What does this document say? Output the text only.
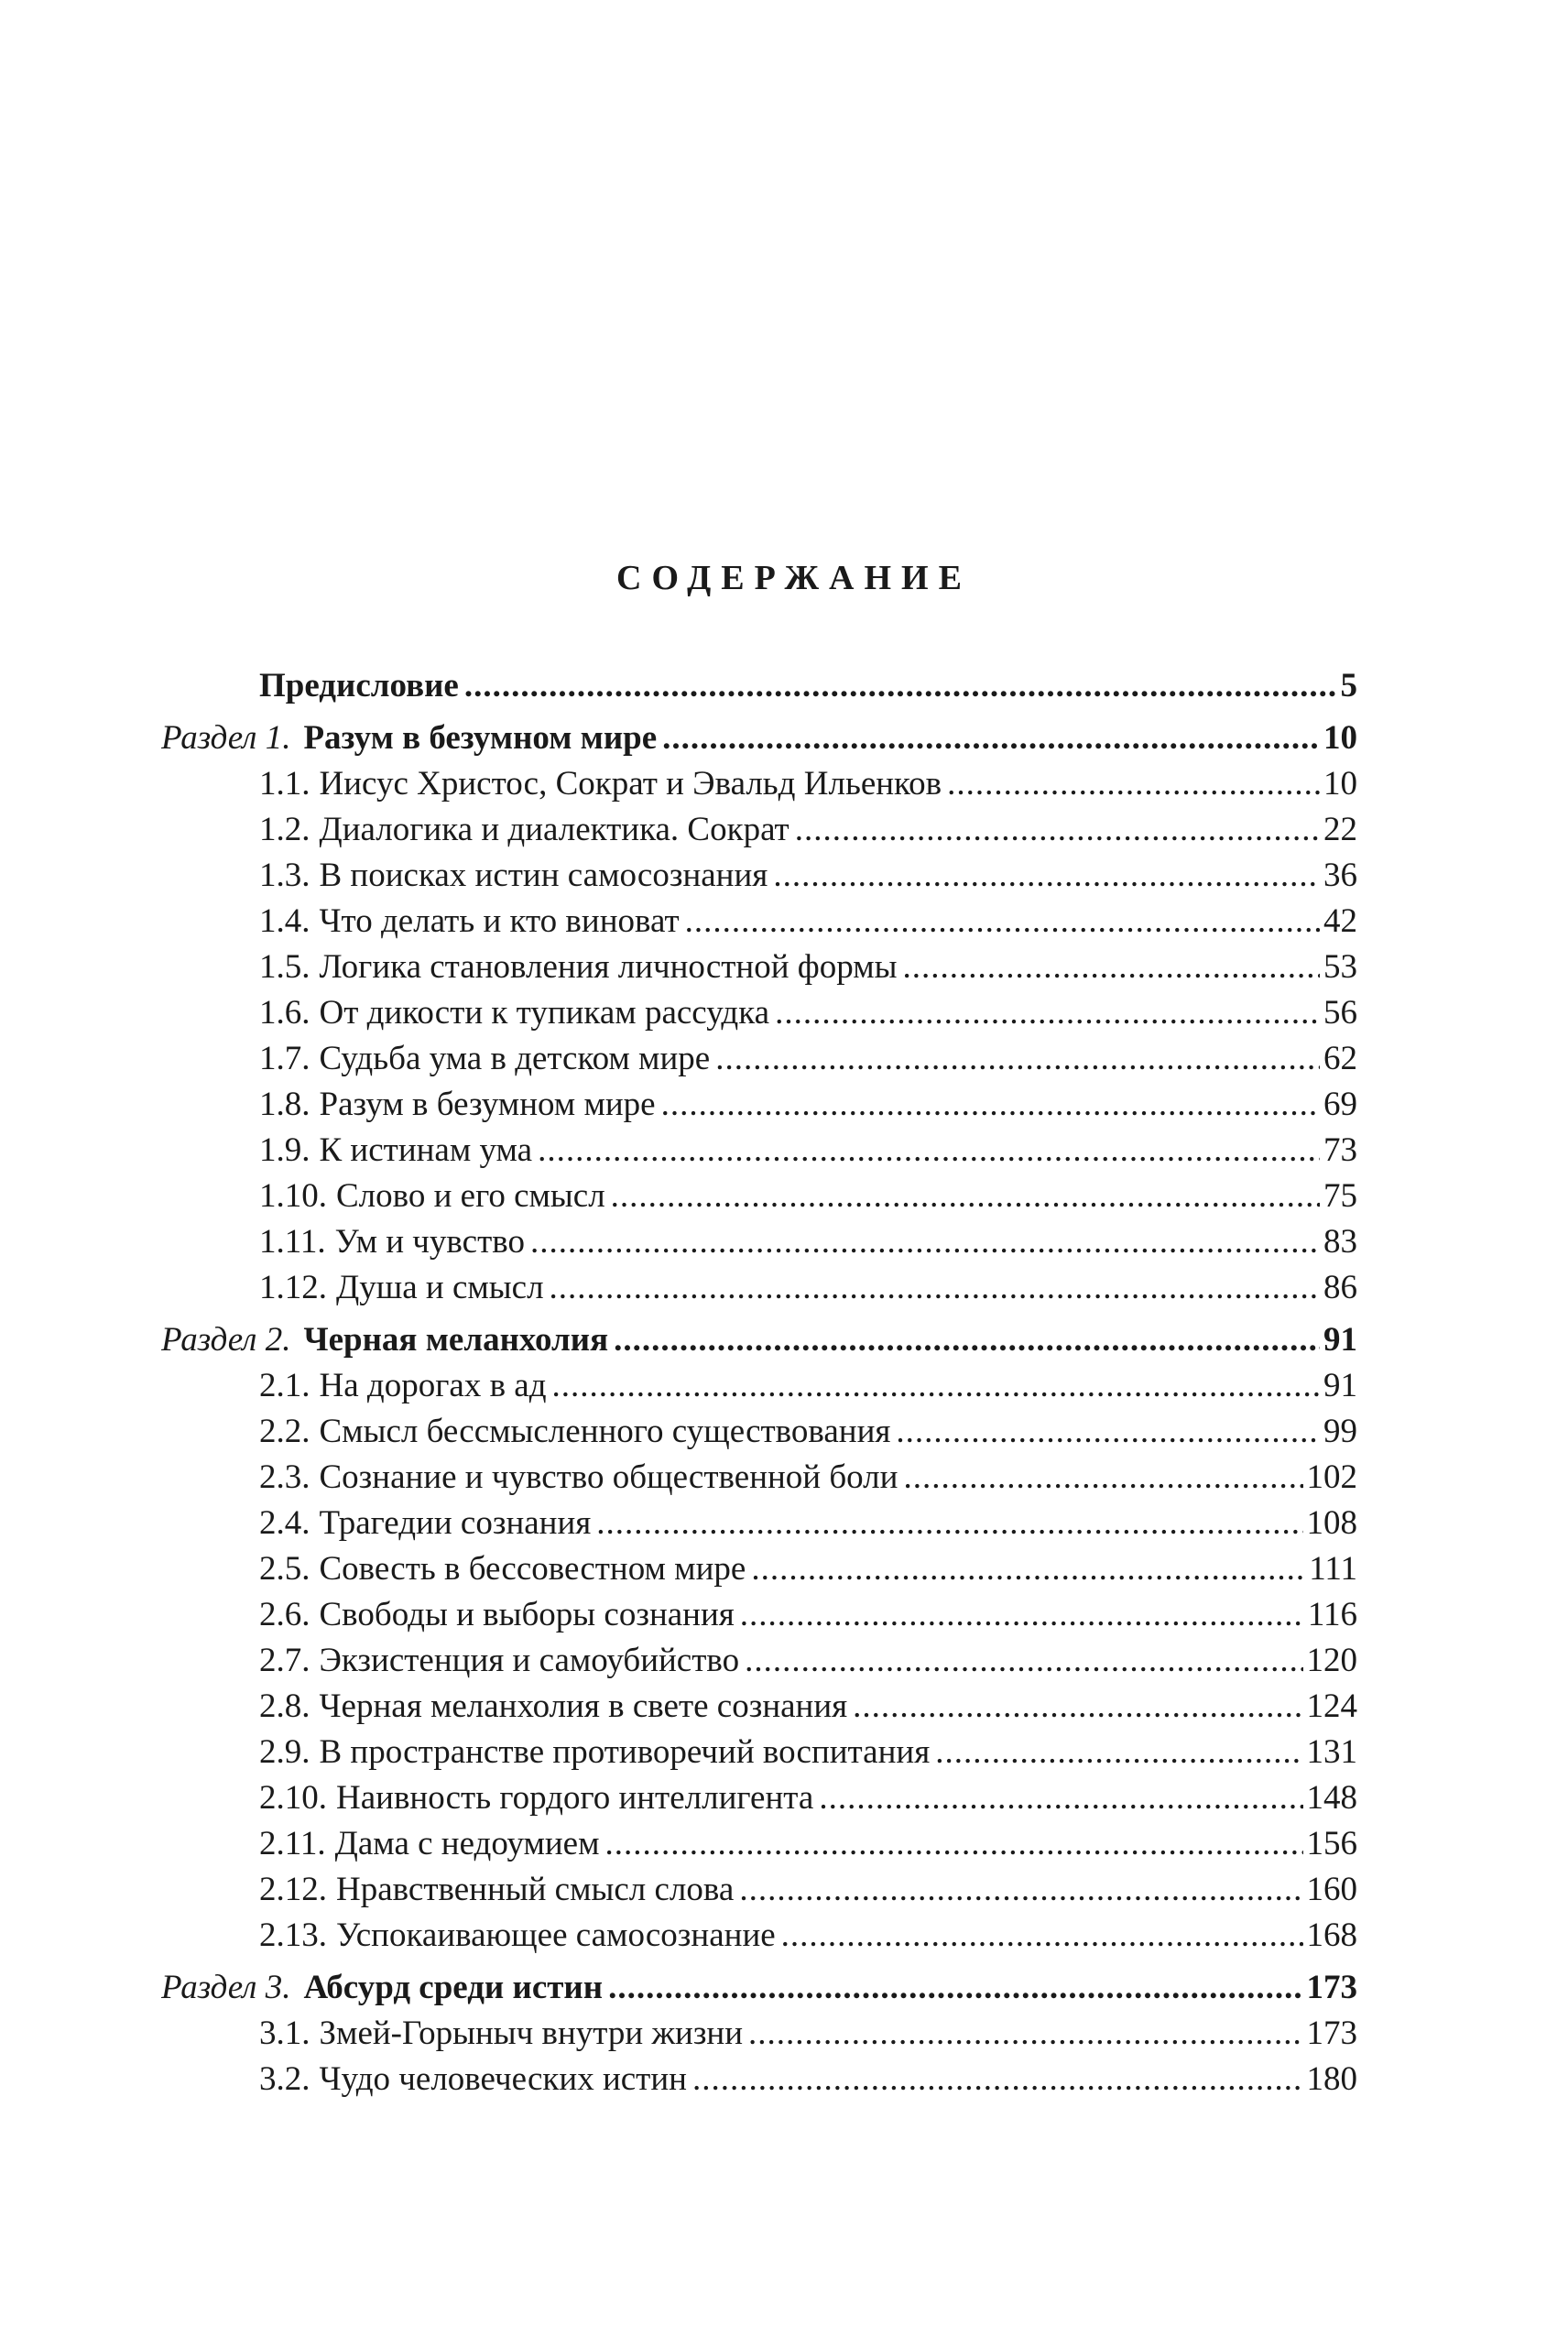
СОДЕРЖАНИЕ
Предисловие .....	5
Раздел 1. Разум в безумном мире .....	10
1.1. Иисус Христос, Сократ и Эвальд Ильенков .....	10
1.2. Диалогика и диалектика. Сократ .....	22
1.3. В поисках истин самосознания .....	36
1.4. Что делать и кто виноват .....	42
1.5. Логика становления личностной формы .....	53
1.6. От дикости к тупикам рассудка .....	56
1.7. Судьба ума в детском мире .....	62
1.8. Разум в безумном мире .....	69
1.9. К истинам ума .....	73
1.10. Слово и его смысл .....	75
1.11. Ум и чувство .....	83
1.12. Душа и смысл .....	86
Раздел 2. Черная меланхолия .....	91
2.1. На дорогах в ад .....	91
2.2. Смысл бессмысленного существования .....	99
2.3. Сознание и чувство общественной боли .....	102
2.4. Трагедии сознания .....	108
2.5. Совесть в бессовестном мире .....	111
2.6. Свободы и выборы сознания .....	116
2.7. Экзистенция и самоубийство .....	120
2.8. Черная меланхолия в свете сознания .....	124
2.9. В пространстве противоречий воспитания .....	131
2.10. Наивность гордого интеллигента .....	148
2.11. Дама с недоумием .....	156
2.12. Нравственный смысл слова .....	160
2.13. Успокаивающее самосознание .....	168
Раздел 3. Абсурд среди истин .....	173
3.1. Змей-Горыныч внутри жизни .....	173
3.2. Чудо человеческих истин .....	180
